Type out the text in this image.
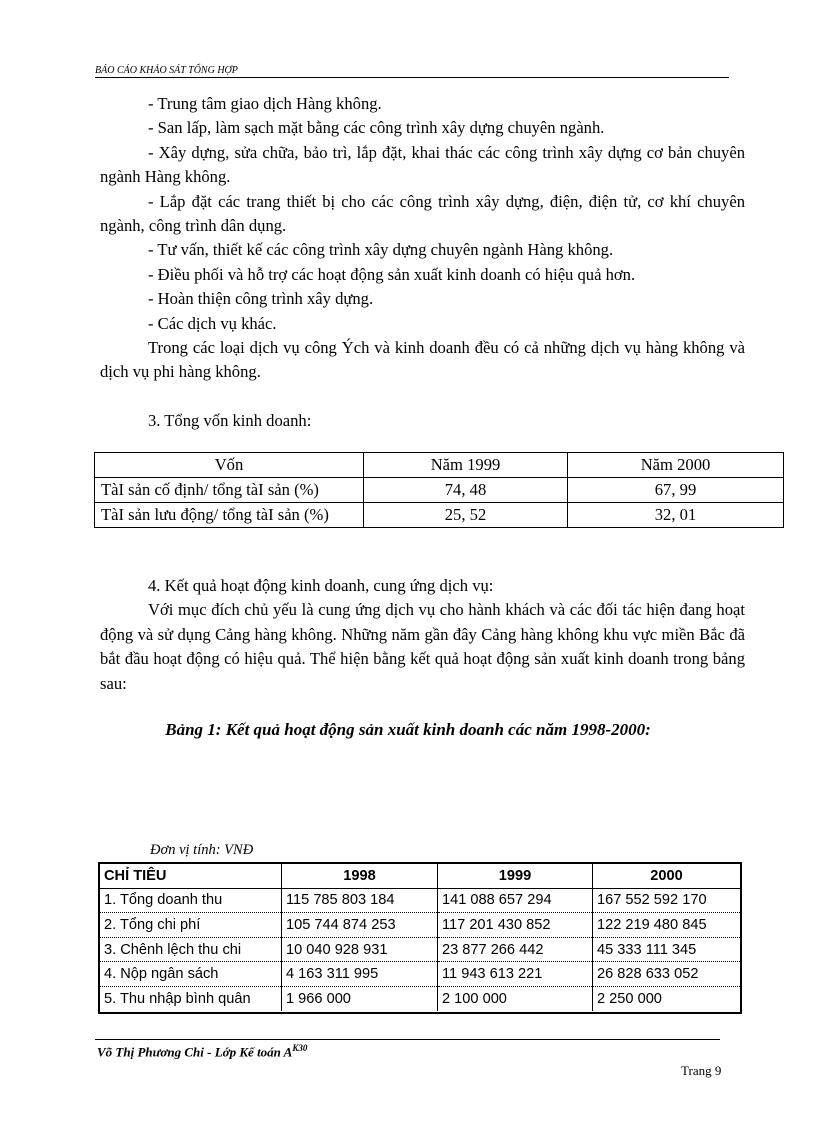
BÁO CÁO KHẢO SÁT TỔNG HỢP

- Trung tâm giao dịch Hàng không.

- San lấp, làm sạch mặt bằng các công trình xây dựng chuyên ngành.

- Xây dựng, sửa chữa, bảo trì, lắp đặt, khai thác các công trình xây dựng cơ bản chuyên ngành Hàng không.

- Lắp đặt các trang thiết bị cho các công trình xây dựng, điện, điện tử, cơ khí chuyên ngành, công trình dân dụng.

- Tư vấn, thiết kế các công trình xây dựng chuyên ngành Hàng không.

- Điều phối và hỗ trợ các hoạt động sản xuất kinh doanh có hiệu quả hơn.

- Hoàn thiện công trình xây dựng.

- Các dịch vụ khác.

Trong các loại dịch vụ công Ých và kinh doanh đều có cả những dịch vụ hàng không và dịch vụ phi hàng không.

3. Tổng vốn kinh doanh:

Vốn	Năm 1999	Năm 2000
TàI sản cố định/ tổng tàI sản (%)	74, 48	67, 99
TàI sản lưu động/ tổng tàI sản (%)	25, 52	32, 01

4. Kết quả hoạt động kinh doanh, cung ứng dịch vụ:

Với mục đích chủ yếu là cung ứng dịch vụ cho hành khách và các đối tác hiện đang hoạt động và sử dụng Cảng hàng không. Những năm gần đây Cảng hàng không khu vực miền Bắc đã bắt đầu hoạt động có hiệu quả. Thể hiện bằng kết quả hoạt động sản xuất kinh doanh trong bảng sau:

Bảng 1: Kết quả hoạt động sản xuất kinh doanh các năm 1998-2000:
Đơn vị tính: VNĐ
CHỈ TIÊU	1998	1999	2000
1. Tổng doanh thu	115 785 803 184	141 088 657 294	167 552 592 170
2. Tổng chi phí	105 744 874 253	117 201 430 852	122 219 480 845
3. Chênh lệch thu chi	10 040 928 931	23 877 266 442	45 333 111 345
4. Nộp ngân sách	4 163 311 995	11 943 613 221	26 828 633 052
5. Thu nhập bình quân	1 966 000	2 100 000	2 250 000
Võ Thị Phương Chi - Lớp Kế toán $A^{K30}$
Trang 9
